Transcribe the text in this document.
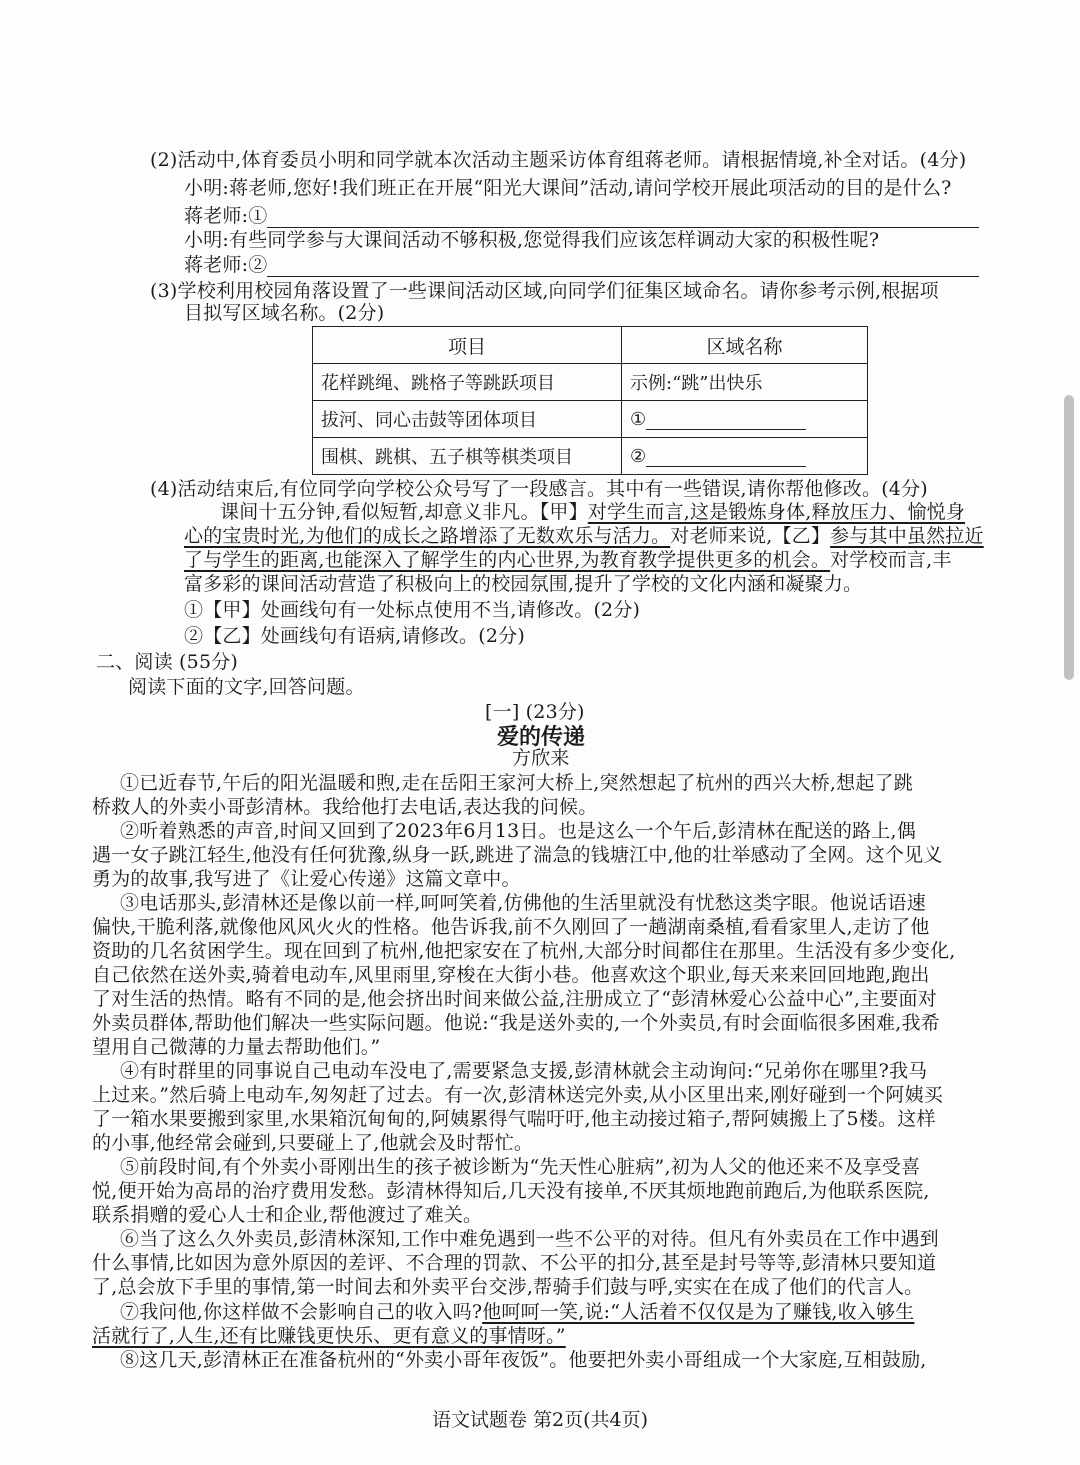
(2)活动中,体育委员小明和同学就本次活动主题采访体育组蒋老师。请根据情境,补全对话。(4分)
小明:蒋老师,您好!我们班正在开展“阳光大课间”活动,请问学校开展此项活动的目的是什么?
蒋老师:①
小明:有些同学参与大课间活动不够积极,您觉得我们应该怎样调动大家的积极性呢?
蒋老师:②
(3)学校利用校园角落设置了一些课间活动区域,向同学们征集区域命名。请你参考示例,根据项
目拟写区域名称。(2分)
项目	区域名称
花样跳绳、跳格子等跳跃项目	示例:“跳”出快乐
拔河、同心击鼓等团体项目	①
围棋、跳棋、五子棋等棋类项目	②
(4)活动结束后,有位同学向学校公众号写了一段感言。其中有一些错误,请你帮他修改。(4分)
课间十五分钟,看似短暂,却意义非凡。【甲】对学生而言,这是锻炼身体,释放压力、愉悦身
心的宝贵时光,为他们的成长之路增添了无数欢乐与活力。对老师来说,【乙】参与其中虽然拉近
了与学生的距离,也能深入了解学生的内心世界,为教育教学提供更多的机会。对学校而言,丰
富多彩的课间活动营造了积极向上的校园氛围,提升了学校的文化内涵和凝聚力。
①【甲】处画线句有一处标点使用不当,请修改。(2分)
②【乙】处画线句有语病,请修改。(2分)
二、阅读 (55分)
阅读下面的文字,回答问题。
[一] (23分)
爱的传递
方欣来
①已近春节,午后的阳光温暖和煦,走在岳阳王家河大桥上,突然想起了杭州的西兴大桥,想起了跳
桥救人的外卖小哥彭清林。我给他打去电话,表达我的问候。
②听着熟悉的声音,时间又回到了2023年6月13日。也是这么一个午后,彭清林在配送的路上,偶
遇一女子跳江轻生,他没有任何犹豫,纵身一跃,跳进了湍急的钱塘江中,他的壮举感动了全网。这个见义
勇为的故事,我写进了《让爱心传递》这篇文章中。
③电话那头,彭清林还是像以前一样,呵呵笑着,仿佛他的生活里就没有忧愁这类字眼。他说话语速
偏快,干脆利落,就像他风风火火的性格。他告诉我,前不久刚回了一趟湖南桑植,看看家里人,走访了他
资助的几名贫困学生。现在回到了杭州,他把家安在了杭州,大部分时间都住在那里。生活没有多少变化,
自己依然在送外卖,骑着电动车,风里雨里,穿梭在大街小巷。他喜欢这个职业,每天来来回回地跑,跑出
了对生活的热情。略有不同的是,他会挤出时间来做公益,注册成立了“彭清林爱心公益中心”,主要面对
外卖员群体,帮助他们解决一些实际问题。他说:“我是送外卖的,一个外卖员,有时会面临很多困难,我希
望用自己微薄的力量去帮助他们。”
④有时群里的同事说自己电动车没电了,需要紧急支援,彭清林就会主动询问:“兄弟你在哪里?我马
上过来。”然后骑上电动车,匆匆赶了过去。有一次,彭清林送完外卖,从小区里出来,刚好碰到一个阿姨买
了一箱水果要搬到家里,水果箱沉甸甸的,阿姨累得气喘吁吁,他主动接过箱子,帮阿姨搬上了5楼。这样
的小事,他经常会碰到,只要碰上了,他就会及时帮忙。
⑤前段时间,有个外卖小哥刚出生的孩子被诊断为“先天性心脏病”,初为人父的他还来不及享受喜
悦,便开始为高昂的治疗费用发愁。彭清林得知后,几天没有接单,不厌其烦地跑前跑后,为他联系医院,
联系捐赠的爱心人士和企业,帮他渡过了难关。
⑥当了这么久外卖员,彭清林深知,工作中难免遇到一些不公平的对待。但凡有外卖员在工作中遇到
什么事情,比如因为意外原因的差评、不合理的罚款、不公平的扣分,甚至是封号等等,彭清林只要知道
了,总会放下手里的事情,第一时间去和外卖平台交涉,帮骑手们鼓与呼,实实在在成了他们的代言人。
⑦我问他,你这样做不会影响自己的收入吗?他呵呵一笑,说:“人活着不仅仅是为了赚钱,收入够生
活就行了,人生,还有比赚钱更快乐、更有意义的事情呀。”
⑧这几天,彭清林正在准备杭州的“外卖小哥年夜饭”。他要把外卖小哥组成一个大家庭,互相鼓励,
语文试题卷 第2页(共4页)
